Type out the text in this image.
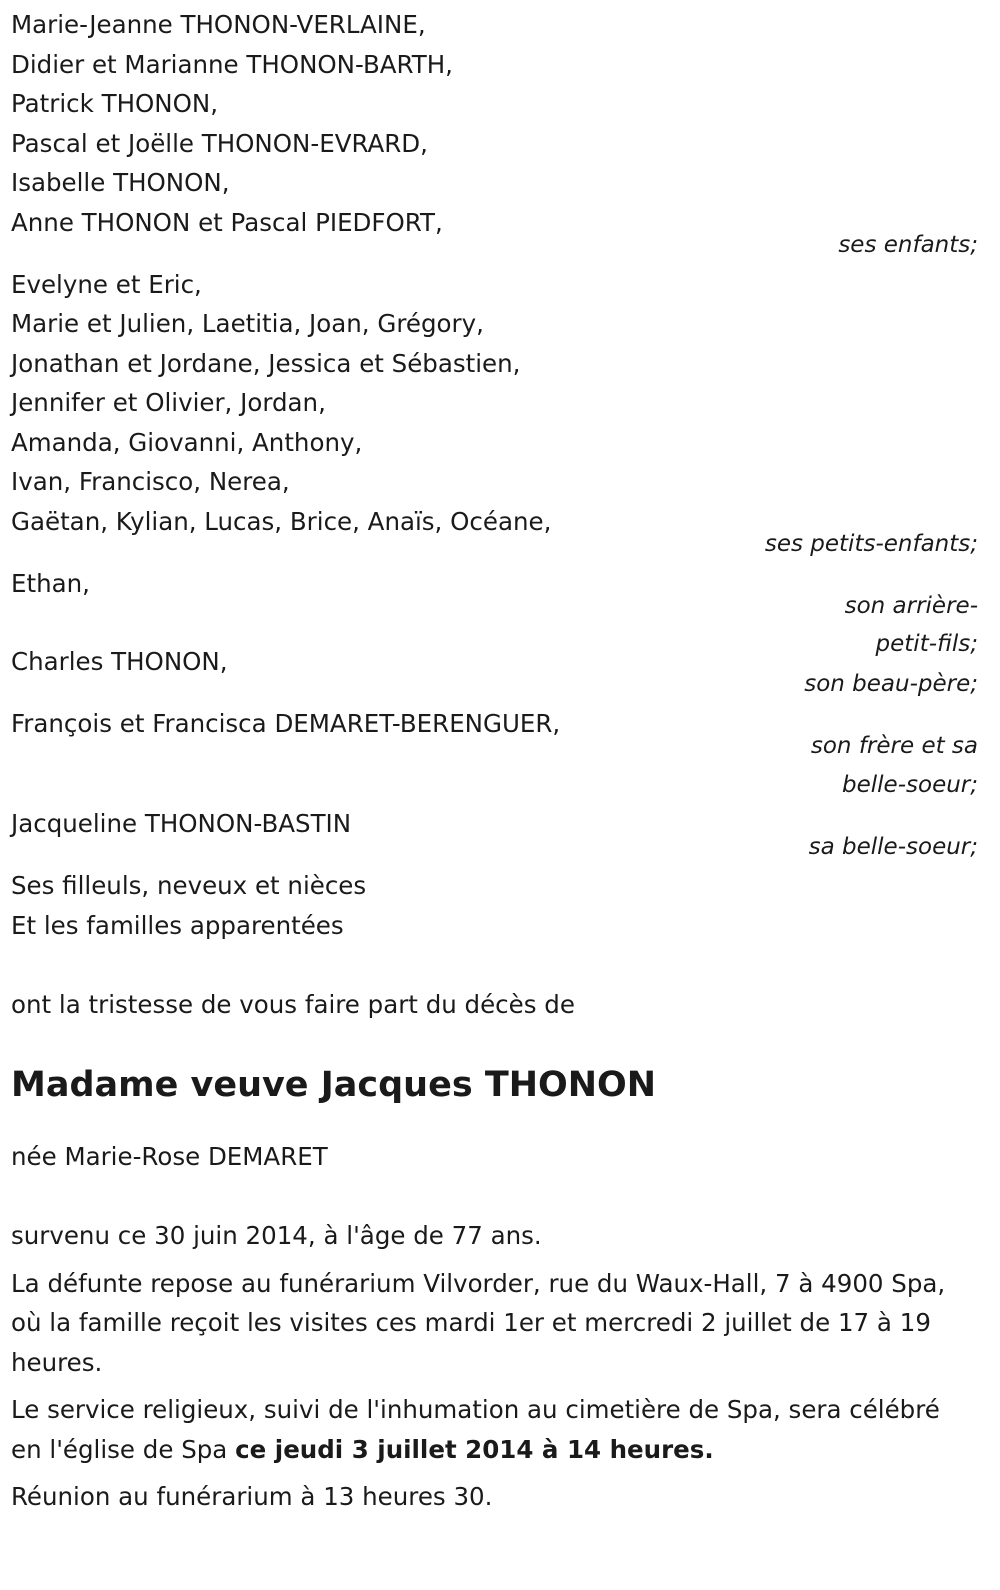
Marie-Jeanne THONON-VERLAINE,

Didier et Marianne THONON-BARTH,

Patrick THONON,

Pascal et Joëlle THONON-EVRARD,

Isabelle THONON,

Anne THONON et Pascal PIEDFORT,

ses enfants;

Evelyne et Eric,

Marie et Julien, Laetitia, Joan, Grégory,

Jonathan et Jordane, Jessica et Sébastien,

Jennifer et Olivier, Jordan,

Amanda, Giovanni, Anthony,

Ivan, Francisco, Nerea,

Gaëtan, Kylian, Lucas, Brice, Anaïs, Océane,

ses petits-enfants;

Ethan,

son arrière-

petit-fils;

Charles THONON,

son beau-père;

François et Francisca DEMARET-BERENGUER,

son frère et sa

belle-soeur;

Jacqueline THONON-BASTIN

sa belle-soeur;

Ses filleuls, neveux et nièces

Et les familles apparentées

ont la tristesse de vous faire part du décès de

Madame veuve Jacques THONON

née Marie-Rose DEMARET

survenu ce 30 juin 2014, à l'âge de 77 ans.

La défunte repose au funérarium Vilvorder, rue du Waux-Hall, 7 à 4900 Spa, où la famille reçoit les visites ces mardi 1er et mercredi 2 juillet de 17 à 19 heures.

Le service religieux, suivi de l'inhumation au cimetière de Spa, sera célébré en l'église de Spa ce jeudi 3 juillet 2014 à 14 heures.

Réunion au funérarium à 13 heures 30.
